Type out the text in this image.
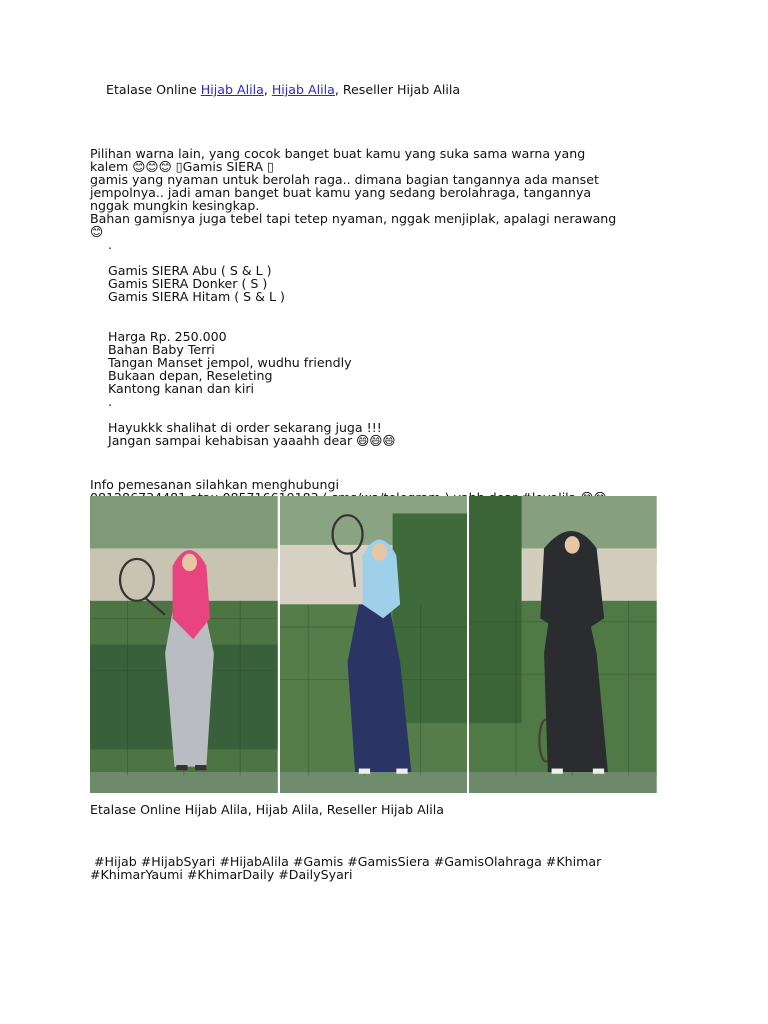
Etalase Online Hijab Alila, Hijab Alila, Reseller Hijab Alila

Pilihan warna lain, yang cocok banget buat kamu yang suka sama warna yang
kalem 😊😊😊 ▯Gamis SIERA ▯
gamis yang nyaman untuk berolah raga.. dimana bagian tangannya ada manset
jempolnya.. jadi aman banget buat kamu yang sedang berolahraga, tangannya
nggak mungkin kesingkap.
Bahan gamisnya juga tebel tapi tetep nyaman, nggak menjiplak, apalagi nerawang
😊
.
Gamis SIERA Abu ( S & L )
Gamis SIERA Donker ( S )
Gamis SIERA Hitam ( S & L )
Harga Rp. 250.000
Bahan Baby Terri
Tangan Manset jempol, wudhu friendly
Bukaan depan, Reseleting
Kantong kanan dan kiri
.
Hayukkk shalihat di order sekarang juga !!!
Jangan sampai kehabisan yaaahh dear 😄😄😄
Info pemesanan silahkan menghubungi
Etalase Online Hijab Alila, Hijab Alila, Reseller Hijab Alila
#Hijab #HijabSyari #HijabAlila #Gamis #GamisSiera #GamisOlahraga #Khimar
#KhimarYaumi #KhimarDaily #DailySyari
